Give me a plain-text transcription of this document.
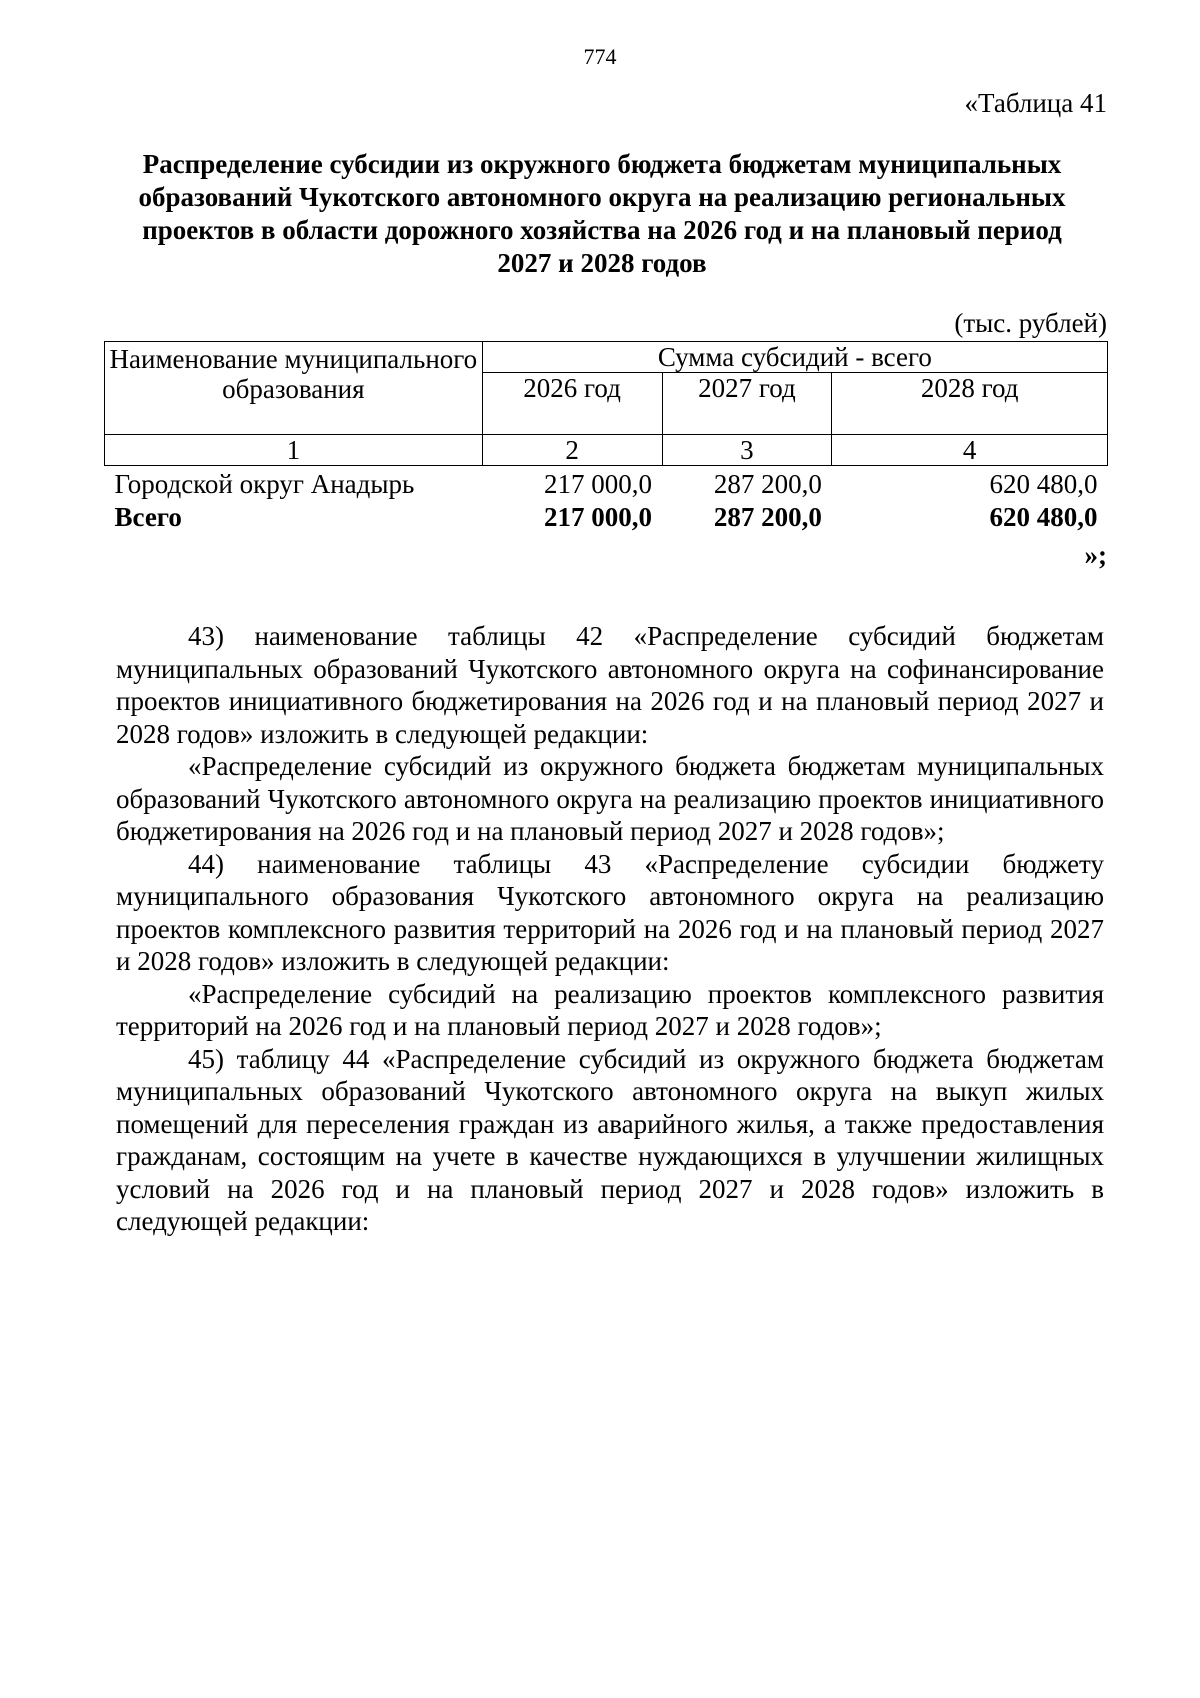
774
«Таблица 41
Распределение субсидии из окружного бюджета бюджетам муниципальных образований Чукотского автономного округа на реализацию региональных проектов в области дорожного хозяйства на 2026 год и на плановый период 2027 и 2028 годов
(тыс. рублей)
Наименование муниципального образования	Сумма субсидий - всего		
	2026 год	2027 год	2028 год
1	2	3	4
Городской округ Анадырь	217 000,0	287 200,0	620 480,0
Всего	217 000,0	287 200,0	620 480,0
»;

43) наименование таблицы 42 «Распределение субсидий бюджетам муниципальных образований Чукотского автономного округа на софинансирование проектов инициативного бюджетирования на 2026 год и на плановый период 2027 и 2028 годов» изложить в следующей редакции:

«Распределение субсидий из окружного бюджета бюджетам муниципальных образований Чукотского автономного округа на реализацию проектов инициативного бюджетирования на 2026 год и на плановый период 2027 и 2028 годов»;

44) наименование таблицы 43 «Распределение субсидии бюджету муниципального образования Чукотского автономного округа на реализацию проектов комплексного развития территорий на 2026 год и на плановый период 2027 и 2028 годов» изложить в следующей редакции:

«Распределение субсидий на реализацию проектов комплексного развития территорий на 2026 год и на плановый период 2027 и 2028 годов»;

45) таблицу 44 «Распределение субсидий из окружного бюджета бюджетам муниципальных образований Чукотского автономного округа на выкуп жилых помещений для переселения граждан из аварийного жилья, а также предоставления гражданам, состоящим на учете в качестве нуждающихся в улучшении жилищных условий на 2026 год и на плановый период 2027 и 2028 годов» изложить в следующей редакции:
